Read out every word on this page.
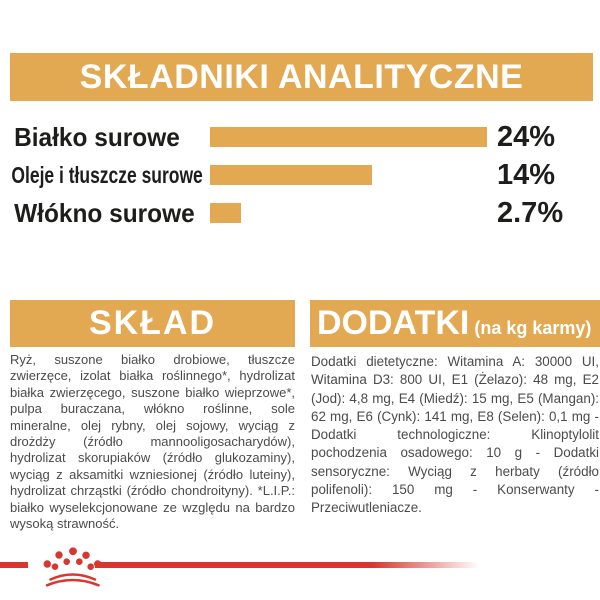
SKŁADNIKI ANALITYCZNE
Białko surowe	24%
Oleje i tłuszcze surowe	14%
Włókno surowe	2.7%
SKŁAD	DODATKI (na kg karmy)
Ryż, suszone białko drobiowe, tłuszcze zwierzęce, izolat białka roślinnego*, hydrolizat białka zwierzęcego, suszone białko wieprzowe*, pulpa buraczana, włókno roślinne, sole mineralne, olej rybny, olej sojowy, wyciąg z drożdży (źródło mannooligosacharydów), hydrolizat skorupiaków (źródło glukozaminy), wyciąg z aksamitki wzniesionej (źródło luteiny), hydrolizat chrząstki (źródło chondroityny). *L.I.P.: białko wyselekcjonowane ze względu na bardzo wysoką strawność.
Dodatki dietetyczne: Witamina A: 30000 UI, Witamina D3: 800 UI, E1 (Żelazo): 48 mg, E2 (Jod): 4,8 mg, E4 (Miedź): 15 mg, E5 (Mangan): 62 mg, E6 (Cynk): 141 mg, E8 (Selen): 0,1 mg - Dodatki technologiczne: Klinoptylolit pochodzenia osadowego: 10 g - Dodatki sensoryczne: Wyciąg z herbaty (źródło polifenoli): 150 mg - Konserwanty - Przeciwutleniacze.
